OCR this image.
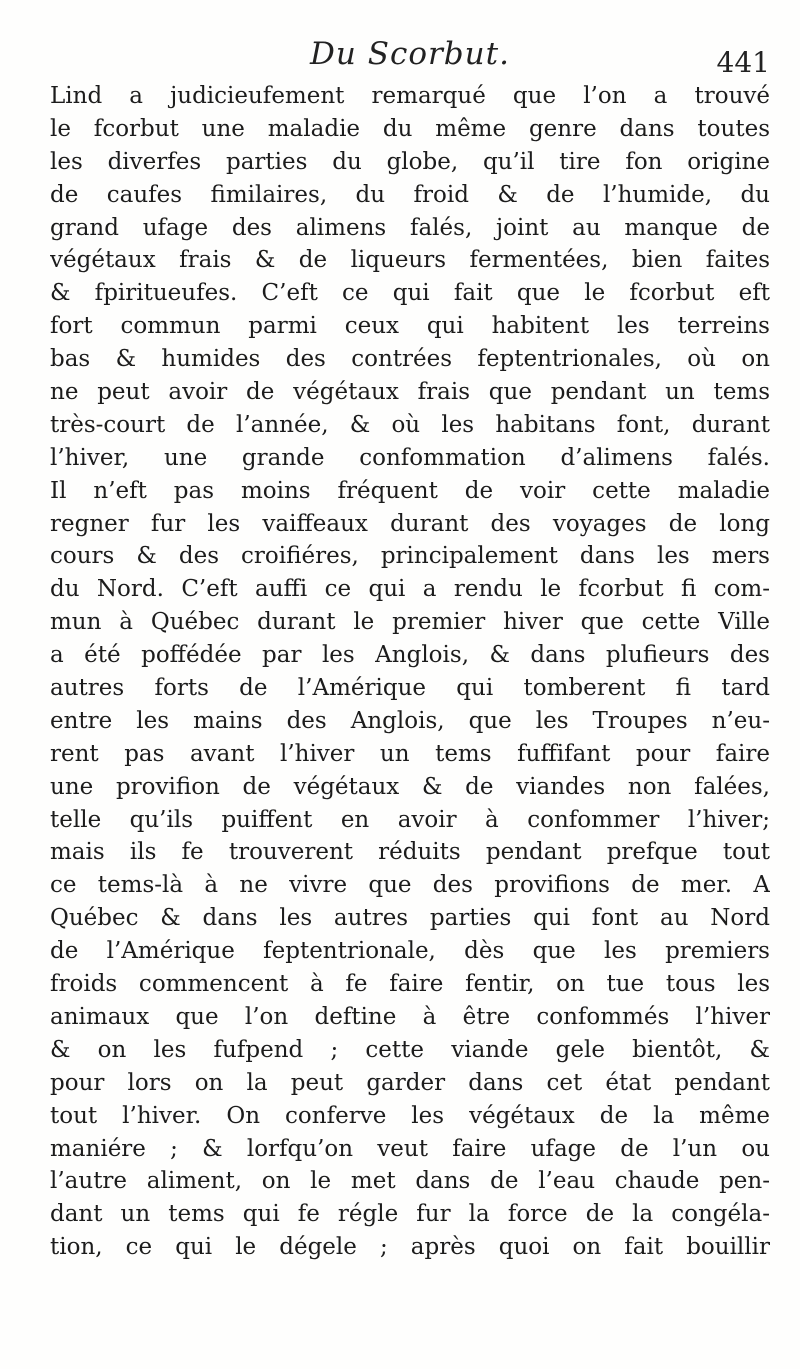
Du Scorbut.	441
Lind a judicieufement remarqué que l’on a trouvé
le fcorbut une maladie du même genre dans toutes
les diverfes parties du globe, qu’il tire fon origine
de caufes fimilaires, du froid & de l’humide, du
grand ufage des alimens falés, joint au manque de
végétaux frais & de liqueurs fermentées, bien faites
& fpiritueufes. C’eft ce qui fait que le fcorbut eft
fort commun parmi ceux qui habitent les terreins
bas & humides des contrées feptentrionales, où on
ne peut avoir de végétaux frais que pendant un tems
très-court de l’année, & où les habitans font, durant
l’hiver, une grande confommation d’alimens falés.
Il n’eft pas moins fréquent de voir cette maladie
regner fur les vaiffeaux durant des voyages de long
cours & des croifiéres, principalement dans les mers
du Nord. C’eft auffi ce qui a rendu le fcorbut fi com-
mun à Québec durant le premier hiver que cette Ville
a été poffédée par les Anglois, & dans plufieurs des
autres forts de l’Amérique qui tomberent fi tard
entre les mains des Anglois, que les Troupes n’eu-
rent pas avant l’hiver un tems fuffifant pour faire
une provifion de végétaux & de viandes non falées,
telle qu’ils puiffent en avoir à confommer l’hiver;
mais ils fe trouverent réduits pendant prefque tout
ce tems-là à ne vivre que des provifions de mer. A
Québec & dans les autres parties qui font au Nord
de l’Amérique feptentrionale, dès que les premiers
froids commencent à fe faire fentir, on tue tous les
animaux que l’on deftine à être confommés l’hiver
& on les fufpend ; cette viande gele bientôt, &
pour lors on la peut garder dans cet état pendant
tout l’hiver. On conferve les végétaux de la même
maniére ; & lorfqu’on veut faire ufage de l’un ou
l’autre aliment, on le met dans de l’eau chaude pen-
dant un tems qui fe régle fur la force de la congéla-
tion, ce qui le dégele ; après quoi on fait bouillir
